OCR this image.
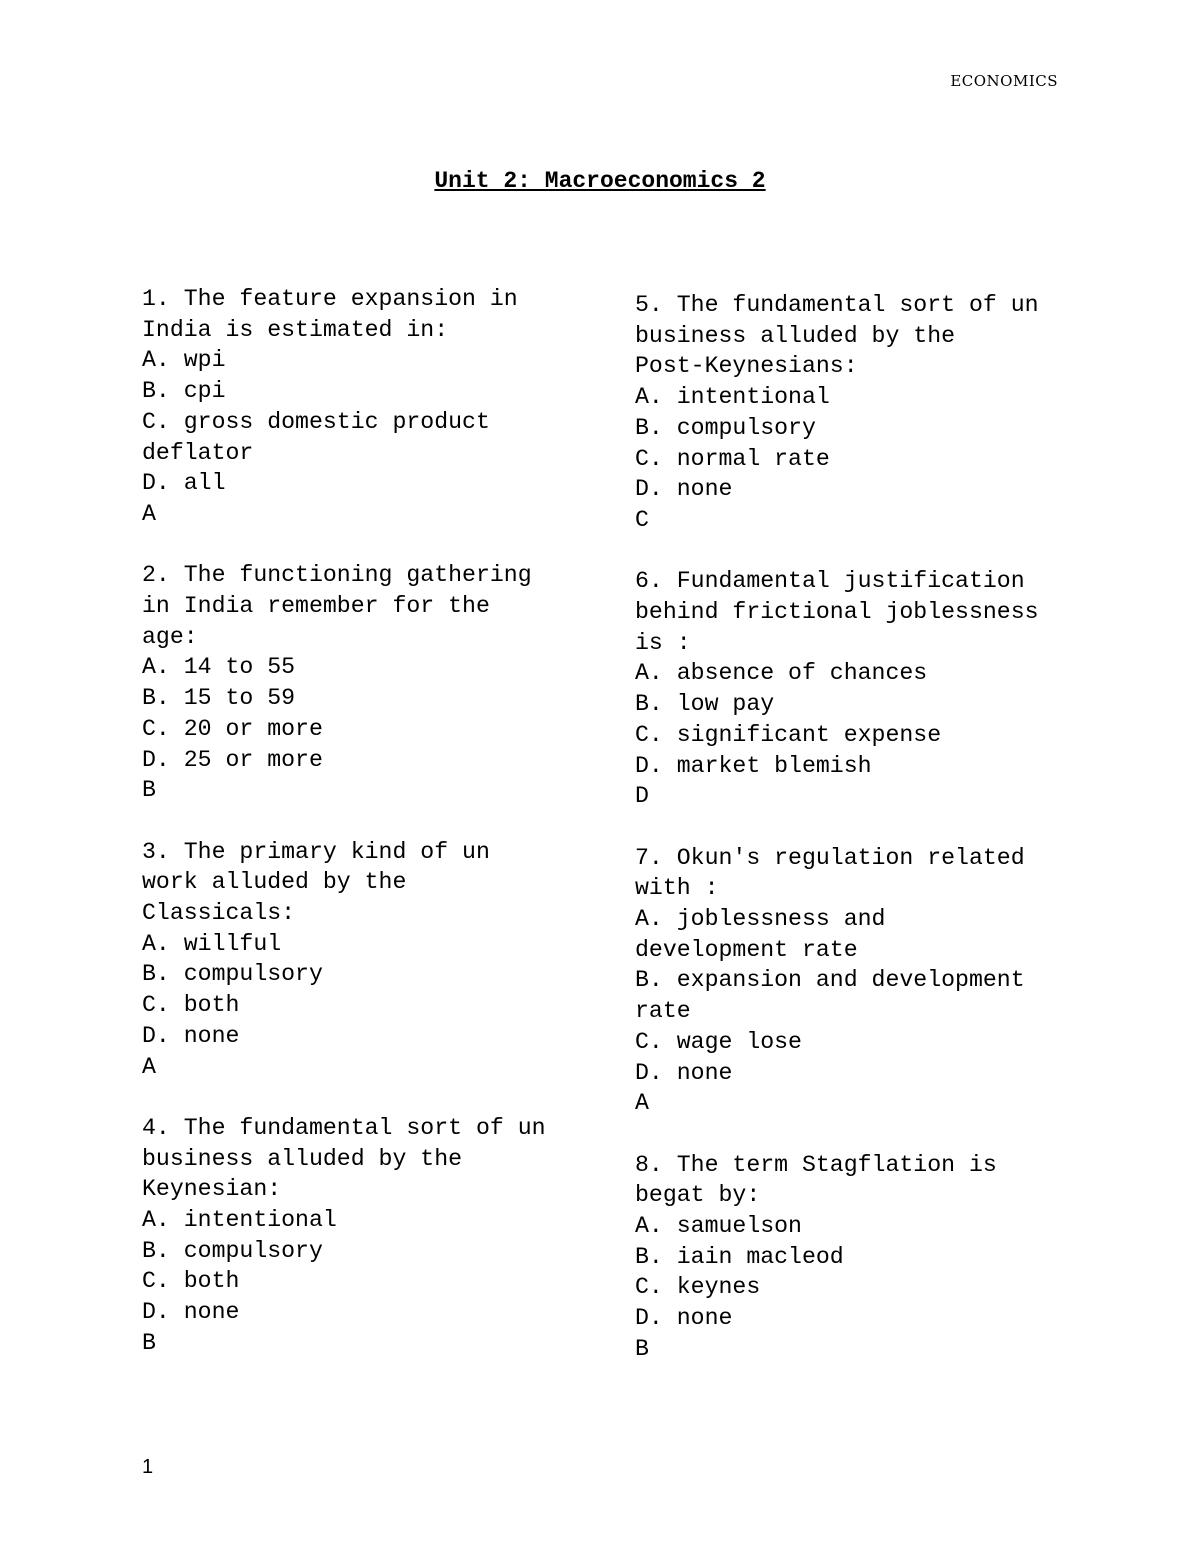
ECONOMICS
Unit 2: Macroeconomics 2
1. The feature expansion in
India is estimated in:
A. wpi
B. cpi
C. gross domestic product
deflator
D. all
A
2. The functioning gathering
in India remember for the
age:
A. 14 to 55
B. 15 to 59
C. 20 or more
D. 25 or more
B
3. The primary kind of un
work alluded by the
Classicals:
A. willful
B. compulsory
C. both
D. none
A
4. The fundamental sort of un
business alluded by the
Keynesian:
A. intentional
B. compulsory
C. both
D. none
B
5. The fundamental sort of un
business alluded by the
Post-Keynesians:
A. intentional
B. compulsory
C. normal rate
D. none
C
6. Fundamental justification
behind frictional joblessness
is :
A. absence of chances
B. low pay
C. significant expense
D. market blemish
D
7. Okun's regulation related
with :
A. joblessness and
development rate
B. expansion and development
rate
C. wage lose
D. none
A
8. The term Stagflation is
begat by:
A. samuelson
B. iain macleod
C. keynes
D. none
B
1
